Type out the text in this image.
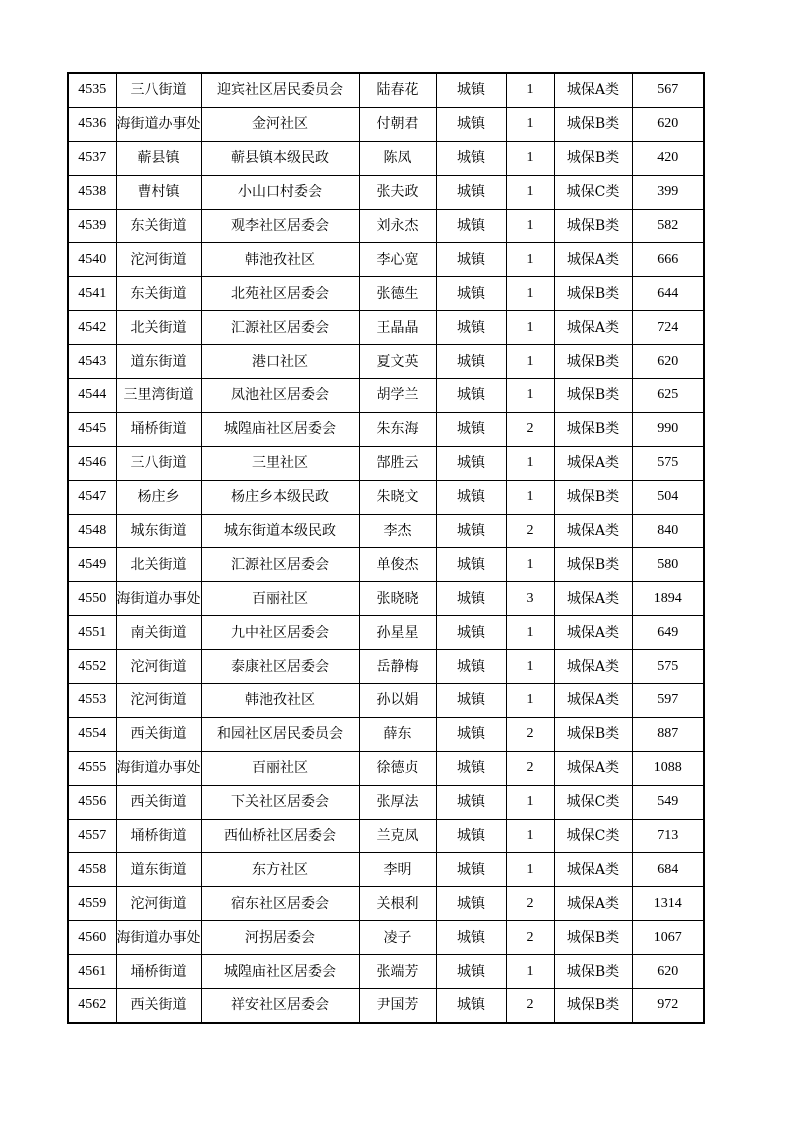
4535	三八街道	迎宾社区居民委员会	陆春花	城镇	1	城保A类	567
4536	海街道办事处	金河社区	付朝君	城镇	1	城保B类	620
4537	蕲县镇	蕲县镇本级民政	陈凤	城镇	1	城保B类	420
4538	曹村镇	小山口村委会	张夫政	城镇	1	城保C类	399
4539	东关街道	观李社区居委会	刘永杰	城镇	1	城保B类	582
4540	沱河街道	韩池孜社区	李心宽	城镇	1	城保A类	666
4541	东关街道	北苑社区居委会	张德生	城镇	1	城保B类	644
4542	北关街道	汇源社区居委会	王晶晶	城镇	1	城保A类	724
4543	道东街道	港口社区	夏文英	城镇	1	城保B类	620
4544	三里湾街道	凤池社区居委会	胡学兰	城镇	1	城保B类	625
4545	埇桥街道	城隍庙社区居委会	朱东海	城镇	2	城保B类	990
4546	三八街道	三里社区	郜胜云	城镇	1	城保A类	575
4547	杨庄乡	杨庄乡本级民政	朱晓文	城镇	1	城保B类	504
4548	城东街道	城东街道本级民政	李杰	城镇	2	城保A类	840
4549	北关街道	汇源社区居委会	单俊杰	城镇	1	城保B类	580
4550	海街道办事处	百丽社区	张晓晓	城镇	3	城保A类	1894
4551	南关街道	九中社区居委会	孙星星	城镇	1	城保A类	649
4552	沱河街道	泰康社区居委会	岳静梅	城镇	1	城保A类	575
4553	沱河街道	韩池孜社区	孙以娟	城镇	1	城保A类	597
4554	西关街道	和园社区居民委员会	薛东	城镇	2	城保B类	887
4555	海街道办事处	百丽社区	徐德贞	城镇	2	城保A类	1088
4556	西关街道	下关社区居委会	张厚法	城镇	1	城保C类	549
4557	埇桥街道	西仙桥社区居委会	兰克凤	城镇	1	城保C类	713
4558	道东街道	东方社区	李明	城镇	1	城保A类	684
4559	沱河街道	宿东社区居委会	关根利	城镇	2	城保A类	1314
4560	海街道办事处	河拐居委会	凌子	城镇	2	城保B类	1067
4561	埇桥街道	城隍庙社区居委会	张端芳	城镇	1	城保B类	620
4562	西关街道	祥安社区居委会	尹国芳	城镇	2	城保B类	972
